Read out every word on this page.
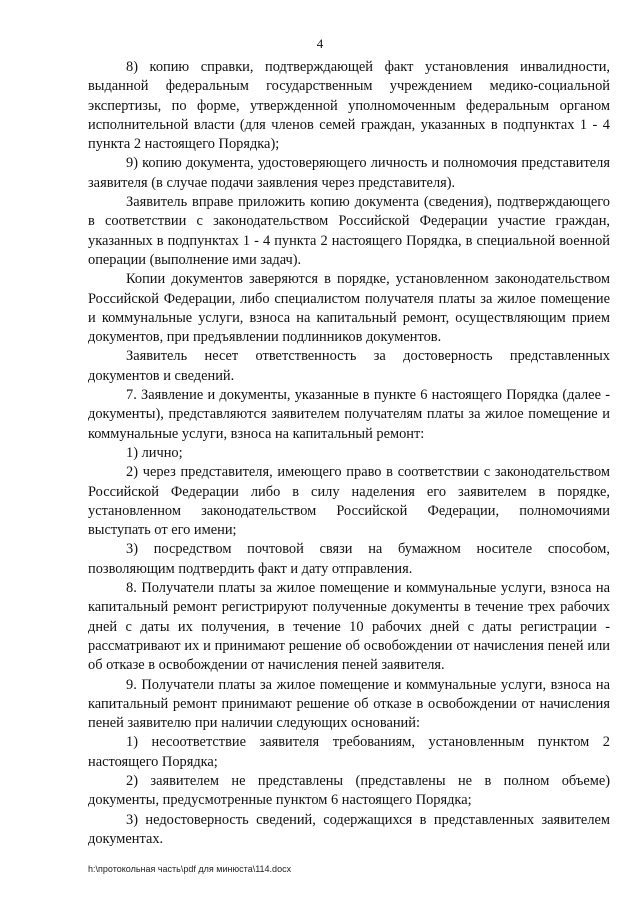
4

8) копию справки, подтверждающей факт установления инвалидности, выданной федеральным государственным учреждением медико-социальной экспертизы, по форме, утвержденной уполномоченным федеральным органом исполнительной власти (для членов семей граждан, указанных в подпунктах 1 - 4 пункта 2 настоящего Порядка);

9) копию документа, удостоверяющего личность и полномочия представителя заявителя (в случае подачи заявления через представителя).

Заявитель вправе приложить копию документа (сведения), подтверждающего в соответствии с законодательством Российской Федерации участие граждан, указанных в подпунктах 1 - 4 пункта 2 настоящего Порядка, в специальной военной операции (выполнение ими задач).

Копии документов заверяются в порядке, установленном законодательством Российской Федерации, либо специалистом получателя платы за жилое помещение и коммунальные услуги, взноса на капитальный ремонт, осуществляющим прием документов, при предъявлении подлинников документов.

Заявитель несет ответственность за достоверность представленных документов и сведений.

7. Заявление и документы, указанные в пункте 6 настоящего Порядка (далее - документы), представляются заявителем получателям платы за жилое помещение и коммунальные услуги, взноса на капитальный ремонт:

1) лично;

2) через представителя, имеющего право в соответствии с законодательством Российской Федерации либо в силу наделения его заявителем в порядке, установленном законодательством Российской Федерации, полномочиями выступать от его имени;

3) посредством почтовой связи на бумажном носителе способом, позволяющим подтвердить факт и дату отправления.

8. Получатели платы за жилое помещение и коммунальные услуги, взноса на капитальный ремонт регистрируют полученные документы в течение трех рабочих дней с даты их получения, в течение 10 рабочих дней с даты регистрации - рассматривают их и принимают решение об освобождении от начисления пеней или об отказе в освобождении от начисления пеней заявителя.

9. Получатели платы за жилое помещение и коммунальные услуги, взноса на капитальный ремонт принимают решение об отказе в освобождении от начисления пеней заявителю при наличии следующих оснований:

1) несоответствие заявителя требованиям, установленным пунктом 2 настоящего Порядка;

2) заявителем не представлены (представлены не в полном объеме) документы, предусмотренные пунктом 6 настоящего Порядка;

3) недостоверность сведений, содержащихся в представленных заявителем документах.

h:\протокольная часть\pdf для минюста\114.docx
